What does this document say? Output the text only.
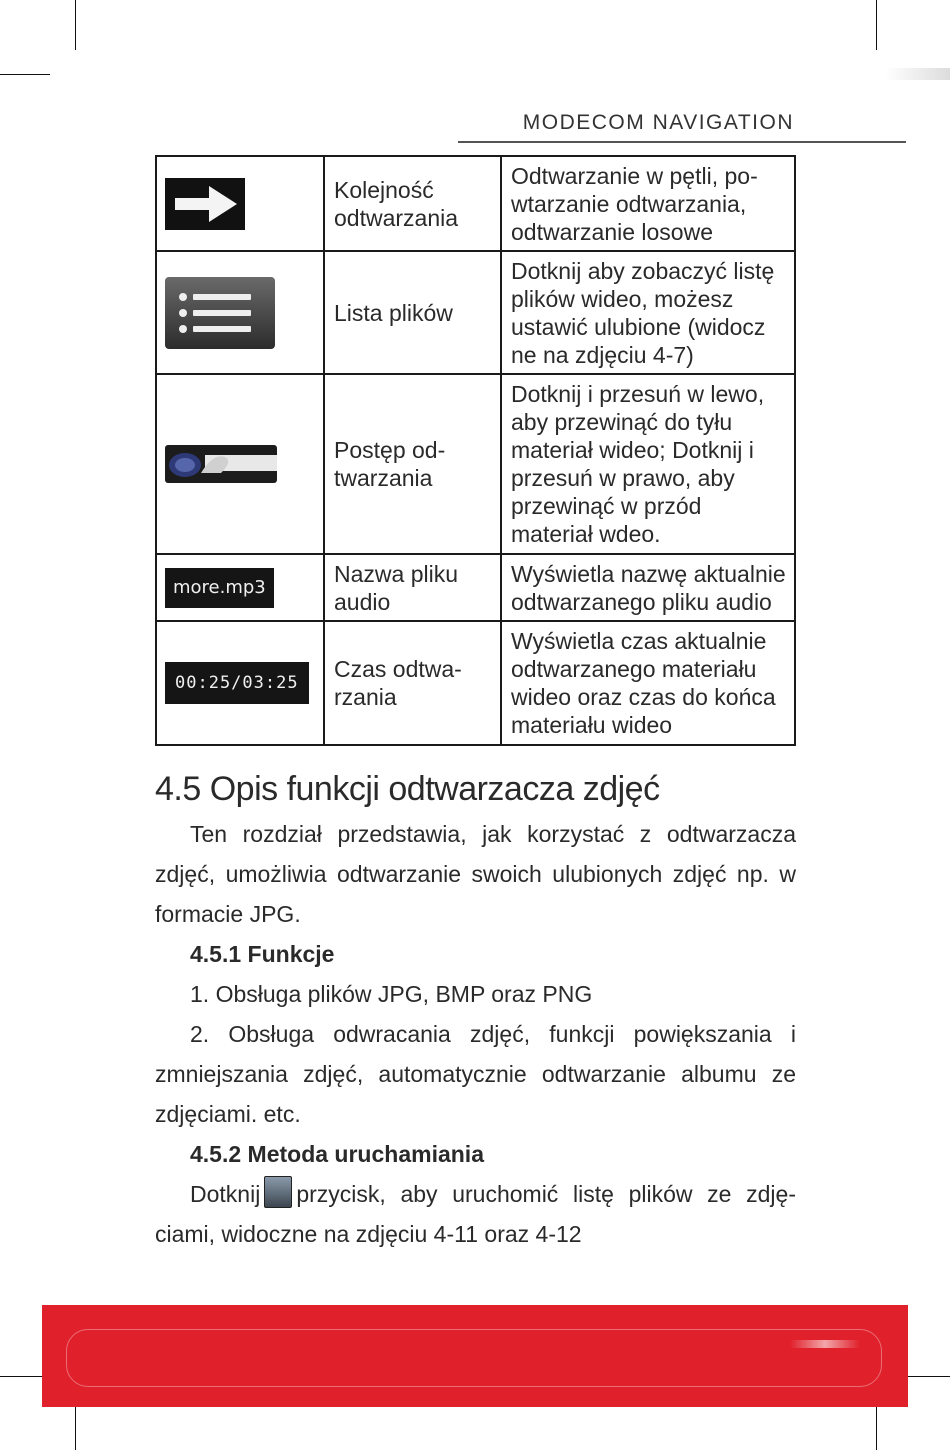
MODECOM NAVIGATION
	Kolejność odtwarzania	Odtwarzanie w pętli, po-wtarzanie odtwarzania, odtwarzanie losowe

	Lista plików	Dotknij aby zobaczyć listę plików wideo, możesz ustawić ulubione (widocz ne na zdjęciu 4-7)

	Postęp od-twarzania	Dotknij i przesuń w lewo, aby przewinąć do tyłu materiał wideo; Dotknij i przesuń w prawo, aby przewinąć w przód materiał wdeo.
more.mp3	Nazwa pliku audio	Wyświetla nazwę aktualnie odtwarzanego pliku audio
00:25/03:25	Czas odtwa-rzania	Wyświetla czas aktualnie odtwarzanego materiału wideo oraz czas do końca materiału wideo
4.5 Opis funkcji odtwarzacza zdjęć

Ten rozdział przedstawia, jak korzystać z odtwarzacza zdjęć, umożliwia odtwarzanie swoich ulubionych zdjęć np. w formacie JPG.

4.5.1 Funkcje

1. Obsługa plików JPG, BMP oraz PNG

2. Obsługa odwracania zdjęć, funkcji powiększania i zmniejszania zdjęć, automatycznie odtwarzanie albumu ze zdjęciami. etc.

4.5.2 Metoda uruchamiania

Dotknij przycisk, aby uruchomić listę plików ze zdję-ciami, widoczne na zdjęciu 4-11 oraz 4-12
